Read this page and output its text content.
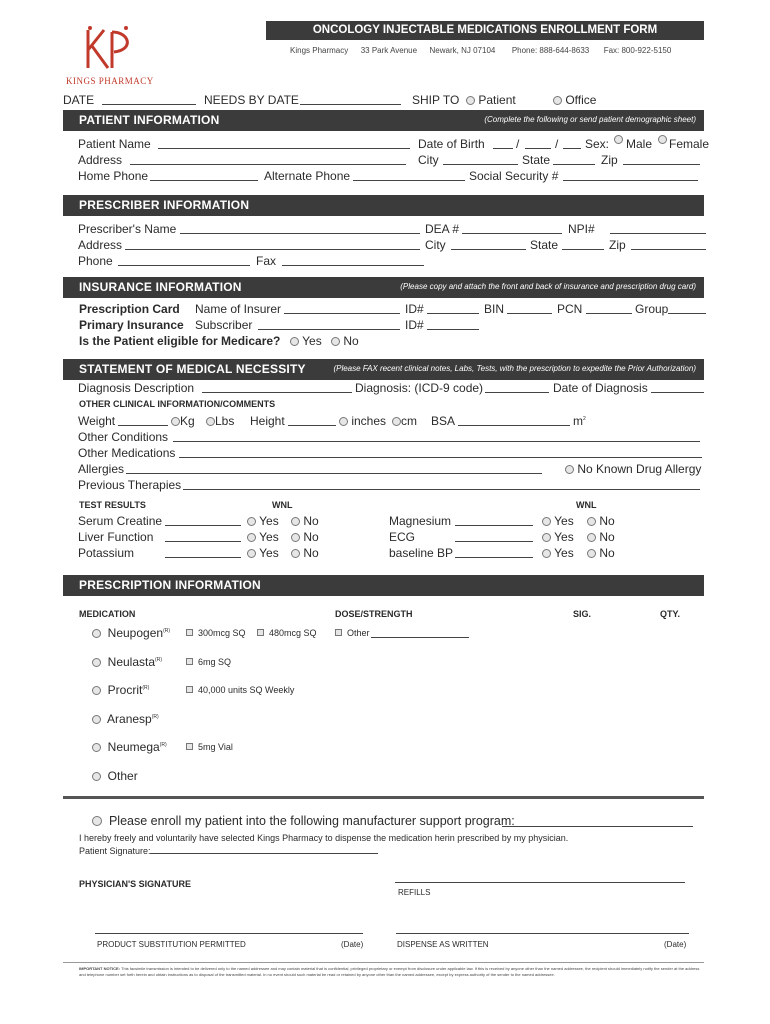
KINGS PHARMACY
ONCOLOGY INJECTABLE MEDICATIONS ENROLLMENT FORM
Kings Pharmacy 33 Park Avenue Newark, NJ 07104 Phone: 888-644-8633 Fax: 800-922-5150
DATE	NEEDS BY DATE	SHIP TO	Patient	Office
PATIENT INFORMATION	(Complete the following or send patient demographic sheet)
Patient Name	Date of Birth	/	/ Sex: Male Female
Address	City	State	Zip
Home Phone	Alternate Phone	Social Security #
PRESCRIBER INFORMATION
Prescriber's Name	DEA #	NPI#
Address	City	State	Zip
Phone	Fax
INSURANCE INFORMATION	(Please copy and attach the front and back of insurance and prescription drug card)
Prescription Card Name of Insurer	ID#	BIN	PCN	Group
Primary Insurance Subscriber	ID#
Is the Patient eligible for Medicare?	Yes	No
STATEMENT OF MEDICAL NECESSITY	(Please FAX recent clinical notes, Labs, Tests, with the prescription to expedite the Prior Authorization)
Diagnosis Description	Diagnosis: (ICD-9 code)	Date of Diagnosis
OTHER CLINICAL INFORMATION/COMMENTS
Weight	Kg	Lbs Height	inches	cm BSA	$m^2$
Other Conditions
Other Medications
Allergies	No Known Drug Allergy
Previous Therapies
TEST RESULTS	WNL	WNL
Serum Creatine	Yes	No
Liver Function	Yes	No
Potassium	Yes	No
Magnesium	Yes	No
ECG	Yes	No
baseline BP	Yes	No
PRESCRIPTION INFORMATION
MEDICATION	DOSE/STRENGTH	SIG.	QTY.
Neupogen$^{(R)}$	300mcg SQ	480mcg SQ	Other
Neulasta$^{(R)}$	6mg SQ
Procrit$^{(R)}$	40,000 units SQ Weekly
Aranesp$^{(R)}$
Neumega$^{(R)}$	5mg Vial
Other
Please enroll my patient into the following manufacturer support program:
I hereby freely and voluntarily have selected Kings Pharmacy to dispense the medication herin prescribed by my physician.
Patient Signature:
PHYSICIAN'S SIGNATURE
REFILLS
PRODUCT SUBSTITUTION PERMITTED	(Date)	DISPENSE AS WRITTEN	(Date)
IMPORTANT NOTICE: This facsimile transmission is intended to be delivered only to the named addressee and may contain material that is confidential, privileged proprietary or exempt from disclosure under applicable law. If this is received by anyone other than the named addressee, the recipient should immediately notify the sender at the address and telephone number set forth herein and obtain instructions as to disposal of the transmitted material. In no event should such material be read or retained by anyone other than the named addressee, except by express authority of the sender to the named addressee.
